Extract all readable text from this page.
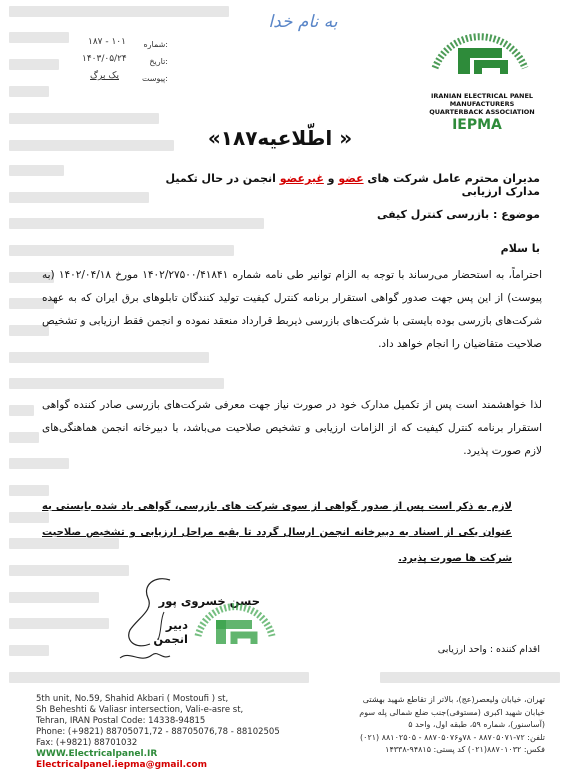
به نام خدا
شماره:
۱۸۷ - ۱۰۱
تاریخ:
۱۴۰۳/۰۵/۲۴
پیوست:
یک برگ
IRANIAN ELECTRICAL PANEL
MANUFACTURERS
QUARTERBACK ASSOCIATION
IEPMA
« اطّلاعیه۱۸۷»
مدیران محترم عامل شرکت های عضو و غیرعضو انجمن در حال تکمیل مدارک ارزیابی
موضوع : بازرسی کنترل کیفی
با سلام
احتراماً، به استحضار می‌رساند با توجه به الزام توانیر طی نامه شماره ۱۴۰۲/۲۷۵۰۰/۴۱۸۴۱ مورخ ۱۴۰۲/۰۴/۱۸ (به پیوست) از این پس جهت صدور گواهی استقرار برنامه کنترل کیفیت تولید کنندگان تابلوهای برق ایران که به عهده شرکت‌های بازرسی بوده بایستی با شرکت‌های بازرسی ذیربط قرارداد منعقد نموده و انجمن فقط ارزیابی و تشخیص صلاحیت متقاضیان را انجام خواهد داد.
لذا خواهشمند است پس از تکمیل مدارک خود در صورت نیاز جهت معرفی شرکت‌های بازرسی صادر کننده گواهی استقرار برنامه کنترل کیفیت که از الزامات ارزیابی و تشخیص صلاحیت می‌باشد، با دبیرخانه انجمن هماهنگی‌های لازم صورت پذیرد.
لازم به ذکر است پس از صدور گواهی از سوی شرکت های بازرسی، گواهی یاد شده بایستی به عنوان یکی از اسناد به دبیرخانه انجمن ارسال گردد تا بقیه مراحل ارزیابی و تشخیص صلاحیت شرکت ها صورت پذیرد.
حسن خسروی پور
دبیر انجمن
اقدام کننده : واحد ارزیابی
5th unit, No.59, Shahid Akbari ( Mostoufi ) st,
Sh Beheshti & Valiasr intersection, Vali-e-asre st,
Tehran, IRAN Postal Code: 14338-94815
Phone: (+9821) 88705071,72 - 88705076,78 - 88102505
Fax: (+9821) 88701032
WWW.Electricalpanel.IR
Electricalpanel.iepma@gmail.com
تهران، خیابان ولیعصر(عج)، بالاتر از تقاطع شهید بهشتی
خیابان شهید اکبری (مستوفی)جنب ضلع شمالی پله سوم
(آساسنور)، شماره ۵۹، طبقه اول، واحد ۵
تلفن: ۷۲-۸۸۷۰۵۰۷۱ - ۷۸و۸۸۷۰۵۰۷۶ - ۸۸۱۰۲۵۰۵ (۰۲۱)
فکس: ۸۸۷۰۱۰۳۲(۰۲۱) کد پستی: ۹۴۸۱۵-۱۴۳۳۸
